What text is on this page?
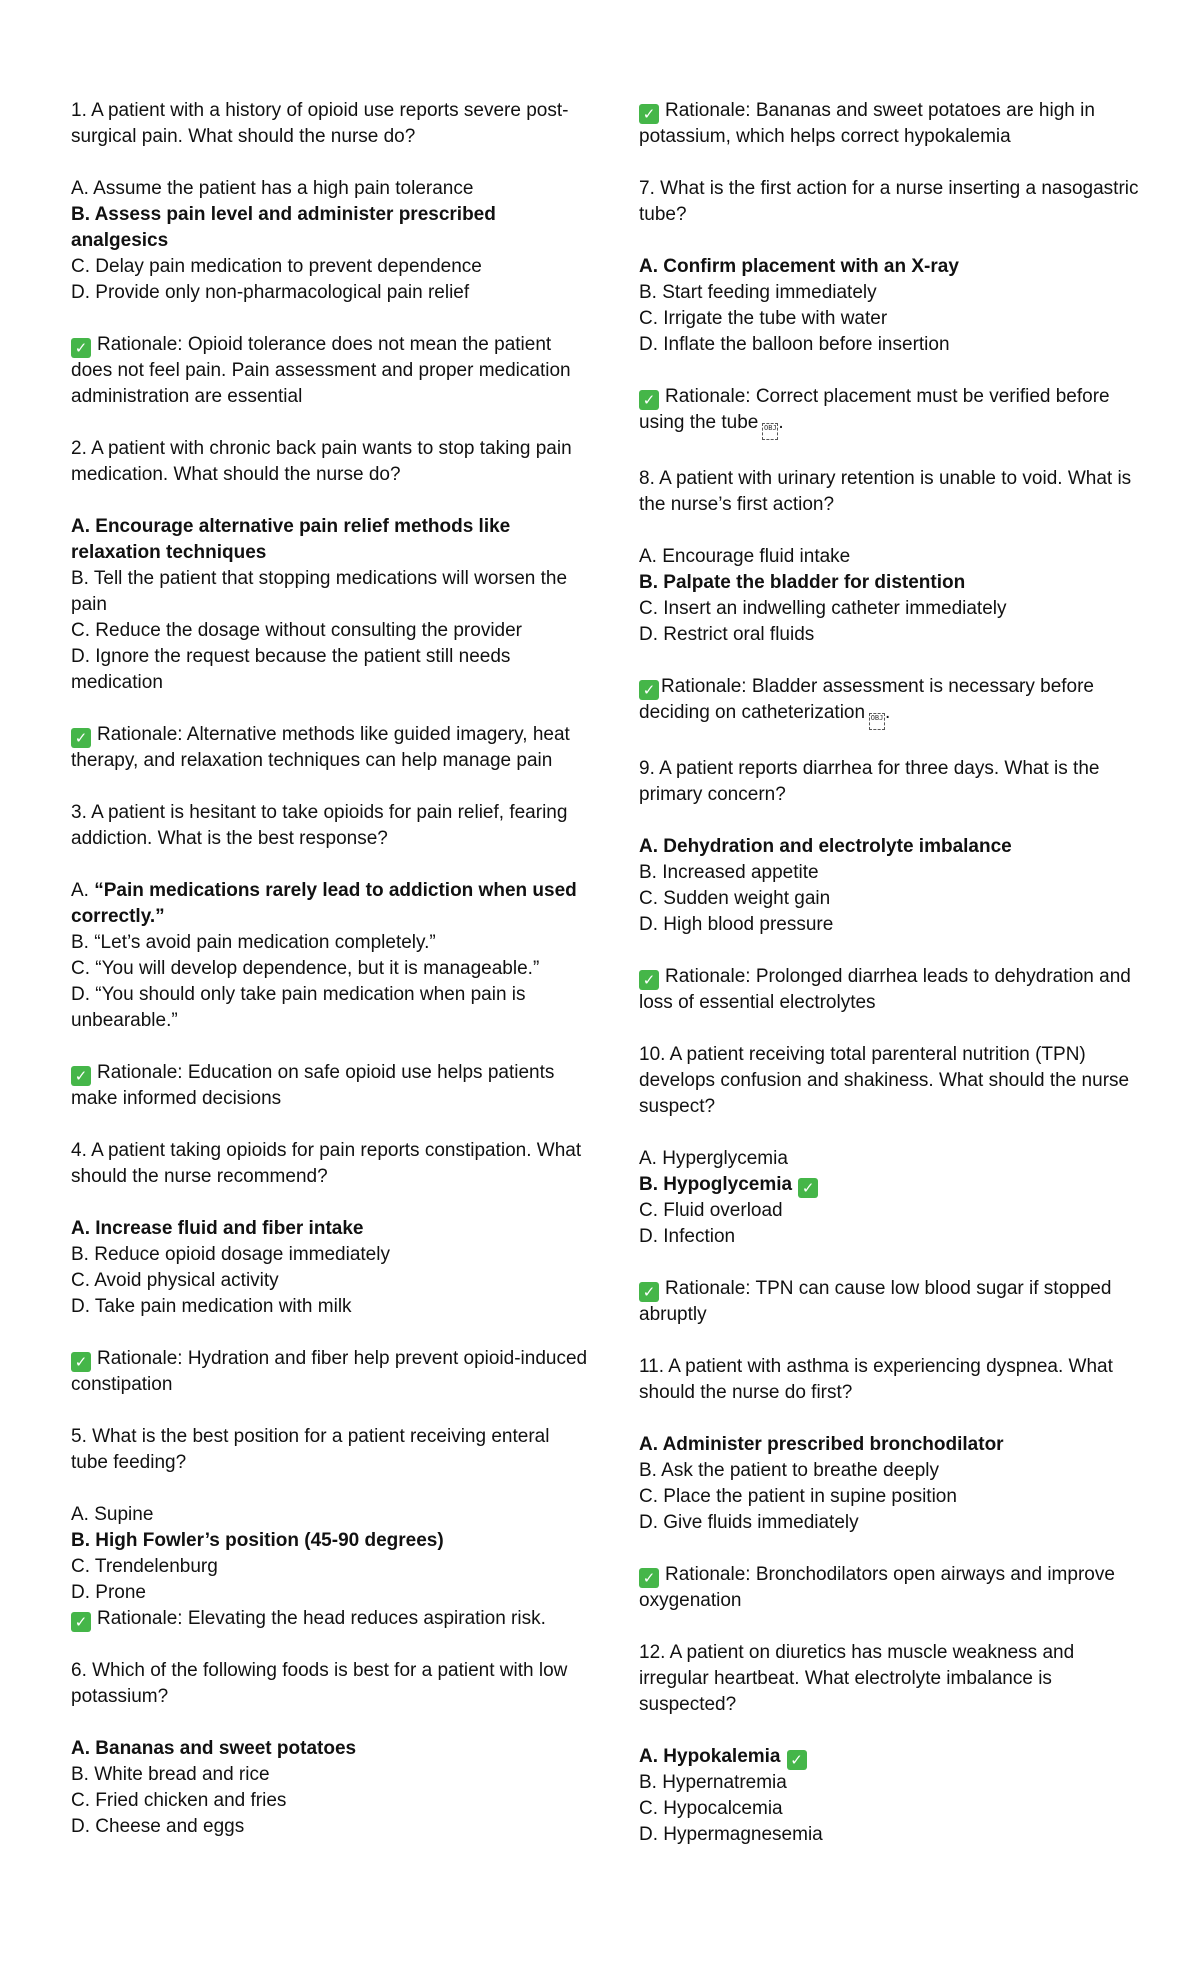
1. A patient with a history of opioid use reports severe post-surgical pain. What should the nurse do?

A. Assume the patient has a high pain tolerance

B. Assess pain level and administer prescribed analgesics

C. Delay pain medication to prevent dependence

D. Provide only non-pharmacological pain relief

✓ Rationale: Opioid tolerance does not mean the patient does not feel pain. Pain assessment and proper medication administration are essential

2. A patient with chronic back pain wants to stop taking pain medication. What should the nurse do?

A. Encourage alternative pain relief methods like relaxation techniques

B. Tell the patient that stopping medications will worsen the pain

C. Reduce the dosage without consulting the provider

D. Ignore the request because the patient still needs medication

✓ Rationale: Alternative methods like guided imagery, heat therapy, and relaxation techniques can help manage pain

3. A patient is hesitant to take opioids for pain relief, fearing addiction. What is the best response?

A. “Pain medications rarely lead to addiction when used correctly.”

B. “Let’s avoid pain medication completely.”

C. “You will develop dependence, but it is manageable.”

D. “You should only take pain medication when pain is unbearable.”

✓ Rationale: Education on safe opioid use helps patients make informed decisions

4. A patient taking opioids for pain reports constipation. What should the nurse recommend?

A. Increase fluid and fiber intake

B. Reduce opioid dosage immediately

C. Avoid physical activity

D. Take pain medication with milk

✓ Rationale: Hydration and fiber help prevent opioid-induced constipation

5. What is the best position for a patient receiving enteral tube feeding?

A. Supine

B. High Fowler’s position (45-90 degrees)

C. Trendelenburg

D. Prone

✓ Rationale: Elevating the head reduces aspiration risk.

6. Which of the following foods is best for a patient with low potassium?

A. Bananas and sweet potatoes

B. White bread and rice

C. Fried chicken and fries

D. Cheese and eggs

✓ Rationale: Bananas and sweet potatoes are high in potassium, which helps correct hypokalemia

7. What is the first action for a nurse inserting a nasogastric tube?

A. Confirm placement with an X-ray

B. Start feeding immediately

C. Irrigate the tube with water

D. Inflate the balloon before insertion

✓ Rationale: Correct placement must be verified before using the tube OBJ.

8. A patient with urinary retention is unable to void. What is the nurse’s first action?

A. Encourage fluid intake

B. Palpate the bladder for distention

C. Insert an indwelling catheter immediately

D. Restrict oral fluids

✓ Rationale: Bladder assessment is necessary before deciding on catheterization OBJ.

9. A patient reports diarrhea for three days. What is the primary concern?

A. Dehydration and electrolyte imbalance

B. Increased appetite

C. Sudden weight gain

D. High blood pressure

✓ Rationale: Prolonged diarrhea leads to dehydration and loss of essential electrolytes

10. A patient receiving total parenteral nutrition (TPN) develops confusion and shakiness. What should the nurse suspect?

A. Hyperglycemia

B. Hypoglycemia ✓

C. Fluid overload

D. Infection

✓ Rationale: TPN can cause low blood sugar if stopped abruptly

11. A patient with asthma is experiencing dyspnea. What should the nurse do first?

A. Administer prescribed bronchodilator

B. Ask the patient to breathe deeply

C. Place the patient in supine position

D. Give fluids immediately

✓ Rationale: Bronchodilators open airways and improve oxygenation

12. A patient on diuretics has muscle weakness and irregular heartbeat. What electrolyte imbalance is suspected?

A. Hypokalemia ✓

B. Hypernatremia

C. Hypocalcemia

D. Hypermagnesemia
